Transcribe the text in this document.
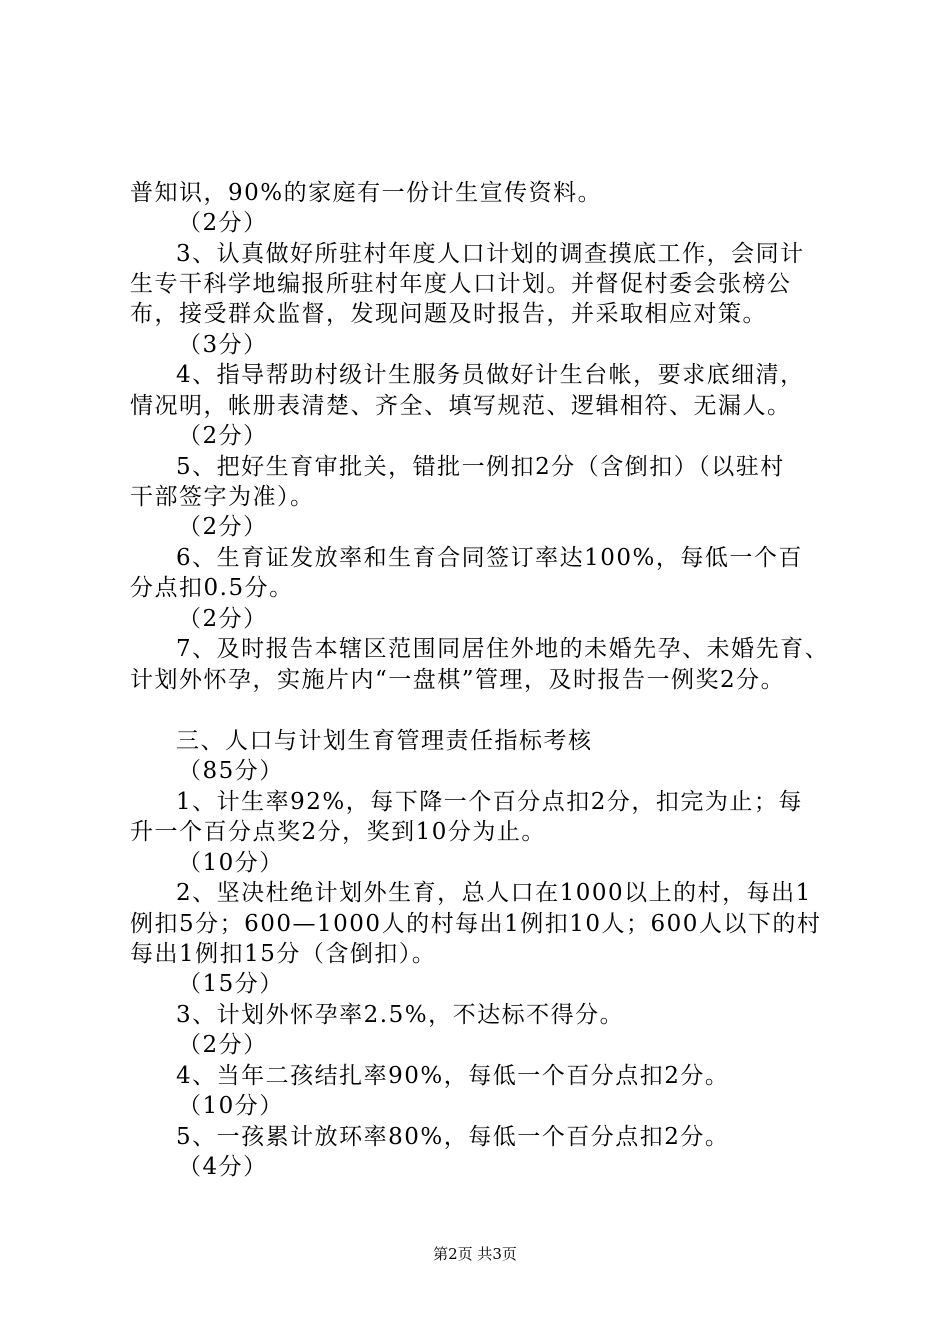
普知识，90%的家庭有一份计生宣传资料。
（2分）
3、认真做好所驻村年度人口计划的调查摸底工作，会同计
生专干科学地编报所驻村年度人口计划。并督促村委会张榜公
布，接受群众监督，发现问题及时报告，并采取相应对策。
（3分）
4、指导帮助村级计生服务员做好计生台帐，要求底细清，
情况明，帐册表清楚、齐全、填写规范、逻辑相符、无漏人。
（2分）
5、把好生育审批关，错批一例扣2分（含倒扣）（以驻村
干部签字为准）。
（2分）
6、生育证发放率和生育合同签订率达100%，每低一个百
分点扣0.5分。
（2分）
7、及时报告本辖区范围同居住外地的未婚先孕、未婚先育、
计划外怀孕，实施片内“一盘棋”管理，及时报告一例奖2分。
三、人口与计划生育管理责任指标考核
（85分）
1、计生率92%，每下降一个百分点扣2分，扣完为止；每
升一个百分点奖2分，奖到10分为止。
（10分）
2、坚决杜绝计划外生育，总人口在1000以上的村，每出1
例扣5分；600—1000人的村每出1例扣10人；600人以下的村
每出1例扣15分（含倒扣）。
（15分）
3、计划外怀孕率2.5%，不达标不得分。
（2分）
4、当年二孩结扎率90%，每低一个百分点扣2分。
（10分）
5、一孩累计放环率80%，每低一个百分点扣2分。
（4分）
第2页 共3页
